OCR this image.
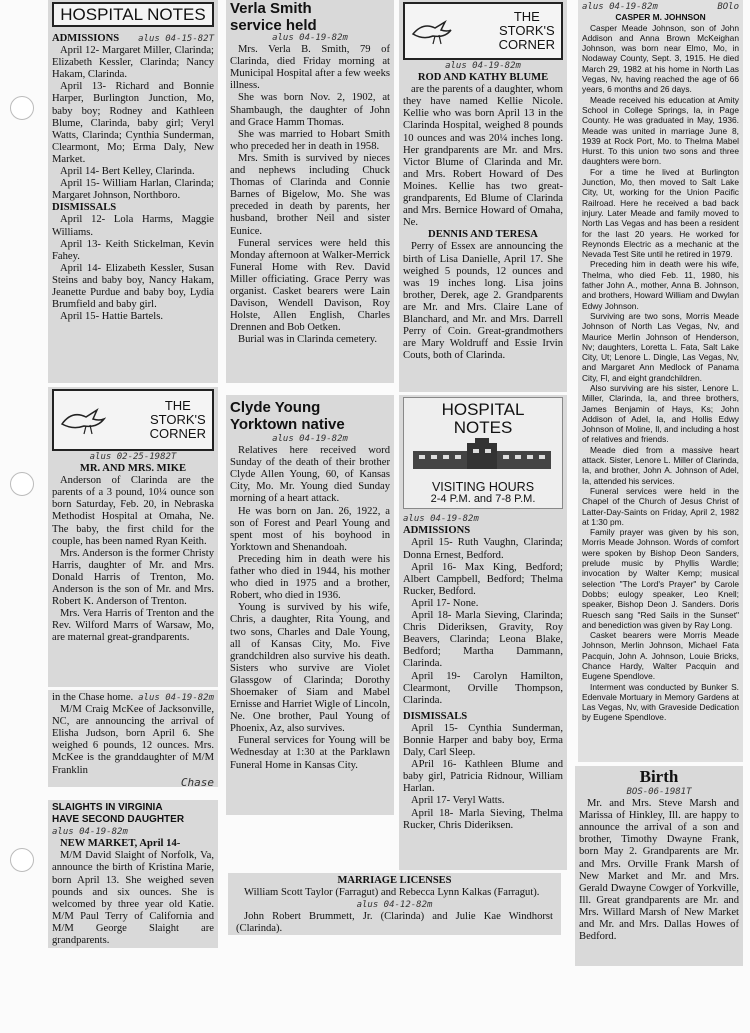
HOSPITAL NOTES
ADMISSIONS alus 04-15-82T

April 12- Margaret Miller, Clarinda; Elizabeth Kessler, Clarinda; Nancy Hakam, Clarinda.

April 13- Richard and Bonnie Harper, Burlington Junction, Mo, baby boy; Rodney and Kathleen Blume, Clarinda, baby girl; Veryl Watts, Clarinda; Cynthia Sunderman, Clearmont, Mo; Erma Daly, New Market.

April 14- Bert Kelley, Clarinda.

April 15- William Harlan, Clarinda; Margaret Johnson, Northboro.

DISMISSALS

April 12- Lola Harms, Maggie Williams.

April 13- Keith Stickelman, Kevin Fahey.

April 14- Elizabeth Kessler, Susan Steins and baby boy, Nancy Hakam, Jeanette Purdue and baby boy, Lydia Brumfield and baby girl.

April 15- Hattie Bartels.

Verla Smith
service held
alus 04-19-82m

Mrs. Verla B. Smith, 79 of Clarinda, died Friday morning at Municipal Hospital after a few weeks illness.

She was born Nov. 2, 1902, at Shambaugh, the daughter of John and Grace Hamm Thomas.

She was married to Hobart Smith who preceded her in death in 1958.

Mrs. Smith is survived by nieces and nephews including Chuck Thomas of Clarinda and Connie Barnes of Bigelow, Mo. She was preceded in death by parents, her husband, brother Neil and sister Eunice.

Funeral services were held this Monday afternoon at Walker-Merrick Funeral Home with Rev. David Miller officiating. Grace Perry was organist. Casket bearers were Lain Davison, Wendell Davison, Roy Holste, Allen English, Charles Drennen and Bob Oetken.

Burial was in Clarinda cemetery.

THE
STORK'S
CORNER
alus 04-19-82m
ROD AND KATHY BLUME

are the parents of a daughter, whom they have named Kellie Nicole. Kellie who was born April 13 in the Clarinda Hospital, weighed 8 pounds 10 ounces and was 20¼ inches long. Her grandparents are Mr. and Mrs. Victor Blume of Clarinda and Mr. and Mrs. Robert Howard of Des Moines. Kellie has two great-grandparents, Ed Blume of Clarinda and Mrs. Bernice Howard of Omaha, Ne.

DENNIS AND TERESA

Perry of Essex are announcing the birth of Lisa Danielle, April 17. She weighed 5 pounds, 12 ounces and was 19 inches long. Lisa joins brother, Derek, age 2. Grandparents are Mr. and Mrs. Claire Lane of Blanchard, and Mr. and Mrs. Darrell Perry of Coin. Great-grandmothers are Mary Woldruff and Essie Irvin Couts, both of Clarinda.

alus 04-19-82m	BOlo
CASPER M. JOHNSON

Casper Meade Johnson, son of John Addison and Anna Brown McKeighan Johnson, was born near Elmo, Mo, in Nodaway County, Sept. 3, 1915. He died March 29, 1982 at his home in North Las Vegas, Nv, having reached the age of 66 years, 6 months and 26 days.

Meade received his education at Amity School in College Springs, Ia, in Page County. He was graduated in May, 1936. Meade was united in marriage June 8, 1939 at Rock Port, Mo. to Thelma Mabel Hurst. To this union two sons and three daughters were born.

For a time he lived at Burlington Junction, Mo, then moved to Salt Lake City, Ut, working for the Union Pacific Railroad. Here he received a bad back injury. Later Meade and family moved to North Las Vegas and has been a resident for the last 20 years. He worked for Reynonds Electric as a mechanic at the Nevada Test Site until he retired in 1979.

Preceding him in death were his wife, Thelma, who died Feb. 11, 1980, his father John A., mother, Anna B. Johnson, and brothers, Howard William and Dwylan Edwy Johnson.

Surviving are two sons, Morris Meade Johnson of North Las Vegas, Nv, and Maurice Merlin Johnson of Henderson, Nv; daughters, Loretta L. Fata, Salt Lake City, Ut; Lenore L. Dingle, Las Vegas, Nv, and Margaret Ann Medlock of Panama City, Fl, and eight grandchildren.

Also surviving are his sister, Lenore L. Miller, Clarinda, Ia, and three brothers, James Benjamin of Hays, Ks; John Addison of Adel, Ia, and Hollis Edwy Johnson of Moline, Il, and including a host of relatives and friends.

Meade died from a massive heart attack. Sister, Lenore L. Miller of Clarinda, Ia, and brother, John A. Johnson of Adel, Ia, attended his services.

Funeral services were held in the Chapel of the Church of Jesus Christ of Latter-Day-Saints on Friday, April 2, 1982 at 1:30 pm.

Family prayer was given by his son, Morris Meade Johnson. Words of comfort were spoken by Bishop Deon Sanders, prelude music by Phyllis Wardle; invocation by Walter Kemp; musical selection "The Lord's Prayer" by Carole Dobbs; eulogy speaker, Leo Knell; speaker, Bishop Deon J. Sanders. Doris Ruesch sang "Red Sails in the Sunset" and benediction was given by Ray Long.

Casket bearers were Morris Meade Johnson, Merlin Johnson, Michael Fata Pacquin, John A. Johnson, Louie Bricks, Chance Hardy, Walter Pacquin and Eugene Spendlove.

Interment was conducted by Bunker S. Edenvale Mortuary in Memory Gardens at Las Vegas, Nv, with Graveside Dedication by Eugene Spendlove.

THE
STORK'S
CORNER
alus 02-25-1982T
MR. AND MRS. MIKE

Anderson of Clarinda are the parents of a 3 pound, 10¼ ounce son born Saturday, Feb. 20, in Nebraska Methodist Hospital at Omaha, Ne. The baby, the first child for the couple, has been named Ryan Keith.

Mrs. Anderson is the former Christy Harris, daughter of Mr. and Mrs. Donald Harris of Trenton, Mo. Anderson is the son of Mr. and Mrs. Robert K. Anderson of Trenton.

Mrs. Vera Harris of Trenton and the Rev. Wilford Marrs of Warsaw, Mo, are maternal great-grandparents.

Clyde Young
Yorktown native
alus 04-19-82m

Relatives here received word Sunday of the death of their brother Clyde Allen Young, 60, of Kansas City, Mo. Mr. Young died Sunday morning of a heart attack.

He was born on Jan. 26, 1922, a son of Forest and Pearl Young and spent most of his boyhood in Yorktown and Shenandoah.

Preceding him in death were his father who died in 1944, his mother who died in 1975 and a brother, Robert, who died in 1936.

Young is survived by his wife, Chris, a daughter, Rita Young, and two sons, Charles and Dale Young, all of Kansas City, Mo. Five grandchildren also survive his death. Sisters who survive are Violet Glassgow of Clarinda; Dorothy Shoemaker of Siam and Mabel Ernisse and Harriet Wigle of Lincoln, Ne. One brother, Paul Young of Phoenix, Az, also survives.

Funeral services for Young will be Wednesday at 1:30 at the Parklawn Funeral Home in Kansas City.

HOSPITAL
NOTES
VISITING HOURS
2-4 P.M. and 7-8 P.M.
alus 04-19-82m
ADMISSIONS

April 15- Ruth Vaughn, Clarinda; Donna Ernest, Bedford.

April 16- Max King, Bedford; Albert Campbell, Bedford; Thelma Rucker, Bedford.

April 17- None.

April 18- Marla Sieving, Clarinda; Chris Dideriksen, Gravity, Roy Beavers, Clarinda; Leona Blake, Bedford; Martha Dammann, Clarinda.

April 19- Carolyn Hamilton, Clearmont, Orville Thompson, Clarinda.

DISMISSALS

April 15- Cynthia Sunderman, Bonnie Harper and baby boy, Erma Daly, Carl Sleep.

APril 16- Kathleen Blume and baby girl, Patricia Ridnour, William Harlan.

April 17- Veryl Watts.

April 18- Marla Sieving, Thelma Rucker, Chris Dideriksen.

in the Chase home. alus 04-19-82m

M/M Craig McKee of Jacksonville, NC, are announcing the arrival of Elisha Judson, born April 6. She weighed 6 pounds, 12 ounces. Mrs. McKee is the granddaughter of M/M Franklin

Chase
SLAIGHTS IN VIRGINIA
HAVE SECOND DAUGHTER
alus 04-19-82m

NEW MARKET, April 14-

M/M David Slaight of Norfolk, Va, announce the birth of Kristina Marie, born April 13. She weighed seven pounds and six ounces. She is welcomed by three year old Katie. M/M Paul Terry of California and M/M George Slaight are grandparents.

MARRIAGE LICENSES

William Scott Taylor (Farragut) and Rebecca Lynn Kalkas (Farragut).

alus 04-12-82m

John Robert Brummett, Jr. (Clarinda) and Julie Kae Windhorst (Clarinda).

Birth
BOS-06-1981T

Mr. and Mrs. Steve Marsh and Marissa of Hinkley, Ill. are happy to announce the arrival of a son and brother, Timothy Dwayne Frank, born May 2. Grandparents are Mr. and Mrs. Orville Frank Marsh of New Market and Mr. and Mrs. Gerald Dwayne Cowger of Yorkville, Ill. Great grandparents are Mr. and Mrs. Willard Marsh of New Market and Mr. and Mrs. Dallas Howes of Bedford.
